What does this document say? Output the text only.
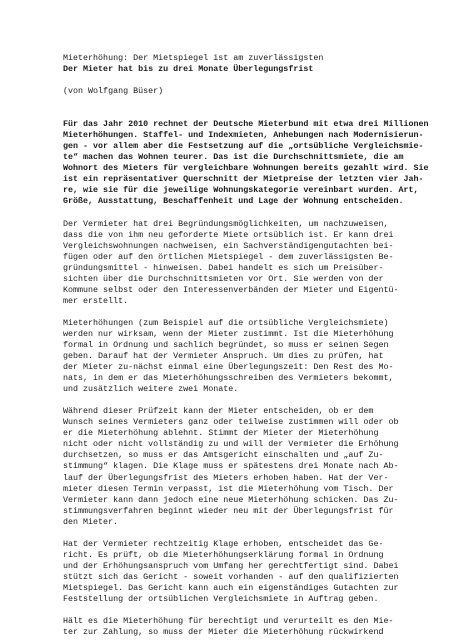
Mieterhöhung: Der Mietspiegel ist am zuverlässigsten
Der Mieter hat bis zu drei Monate Überlegungsfrist
(von Wolfgang Büser)
Für das Jahr 2010 rechnet der Deutsche Mieterbund mit etwa drei Millionen
Mieterhöhungen. Staffel- und Indexmieten, Anhebungen nach Modernisierun-
gen - vor allem aber die Festsetzung auf die „ortsübliche Vergleichsmie-
te“ machen das Wohnen teurer. Das ist die Durchschnittsmiete, die am
Wohnort des Mieters für vergleichbare Wohnungen bereits gezahlt wird. Sie
ist ein repräsentativer Querschnitt der Mietpreise der letzten vier Jah-
re, wie sie für die jeweilige Wohnungskategorie vereinbart wurden. Art,
Größe, Ausstattung, Beschaffenheit und Lage der Wohnung entscheiden.
Der Vermieter hat drei Begründungsmöglichkeiten, um nachzuweisen,
dass die von ihm neu geforderte Miete ortsüblich ist. Er kann drei
Vergleichswohnungen nachweisen, ein Sachverständigengutachten bei-
fügen oder auf den örtlichen Mietspiegel - dem zuverlässigsten Be-
gründungsmittel - hinweisen. Dabei handelt es sich um Preisüber-
sichten über die Durchschnittsmieten vor Ort. Sie werden von der
Kommune selbst oder den Interessenverbänden der Mieter und Eigentü-
mer erstellt.
Mieterhöhungen (zum Beispiel auf die ortsübliche Vergleichsmiete)
werden nur wirksam, wenn der Mieter zustimmt. Ist die Mieterhöhung
formal in Ordnung und sachlich begründet, so muss er seinen Segen
geben. Darauf hat der Vermieter Anspruch. Um dies zu prüfen, hat
der Mieter zu-nächst einmal eine Überlegungszeit: Den Rest des Mo-
nats, in dem er das Mieterhöhungsschreiben des Vermieters bekommt,
und zusätzlich weitere zwei Monate.
Während dieser Prüfzeit kann der Mieter entscheiden, ob er dem
Wunsch seines Vermieters ganz oder teilweise zustimmen will oder ob
er die Mieterhöhung ablehnt. Stimmt der Mieter der Mieterhöhung
nicht oder nicht vollständig zu und will der Vermieter die Erhöhung
durchsetzen, so muss er das Amtsgericht einschalten und „auf Zu-
stimmung“ klagen. Die Klage muss er spätestens drei Monate nach Ab-
lauf der Überlegungsfrist des Mieters erhoben haben. Hat der Ver-
mieter diesen Termin verpasst, ist die Mieterhöhung vom Tisch. Der
Vermieter kann dann jedoch eine neue Mieterhöhung schicken. Das Zu-
stimmungsverfahren beginnt wieder neu mit der Überlegungsfrist für
den Mieter.
Hat der Vermieter rechtzeitig Klage erhoben, entscheidet das Ge-
richt. Es prüft, ob die Mieterhöhungserklärung formal in Ordnung
und der Erhöhungsanspruch vom Umfang her gerechtfertigt sind. Dabei
stützt sich das Gericht - soweit vorhanden - auf den qualifizierten
Mietspiegel. Das Gericht kann auch ein eigenständiges Gutachten zur
Feststellung der ortsüblichen Vergleichsmiete in Auftrag geben.
Hält es die Mieterhöhung für berechtigt und verurteilt es den Mie-
ter zur Zahlung, so muss der Mieter die Mieterhöhung rückwirkend
